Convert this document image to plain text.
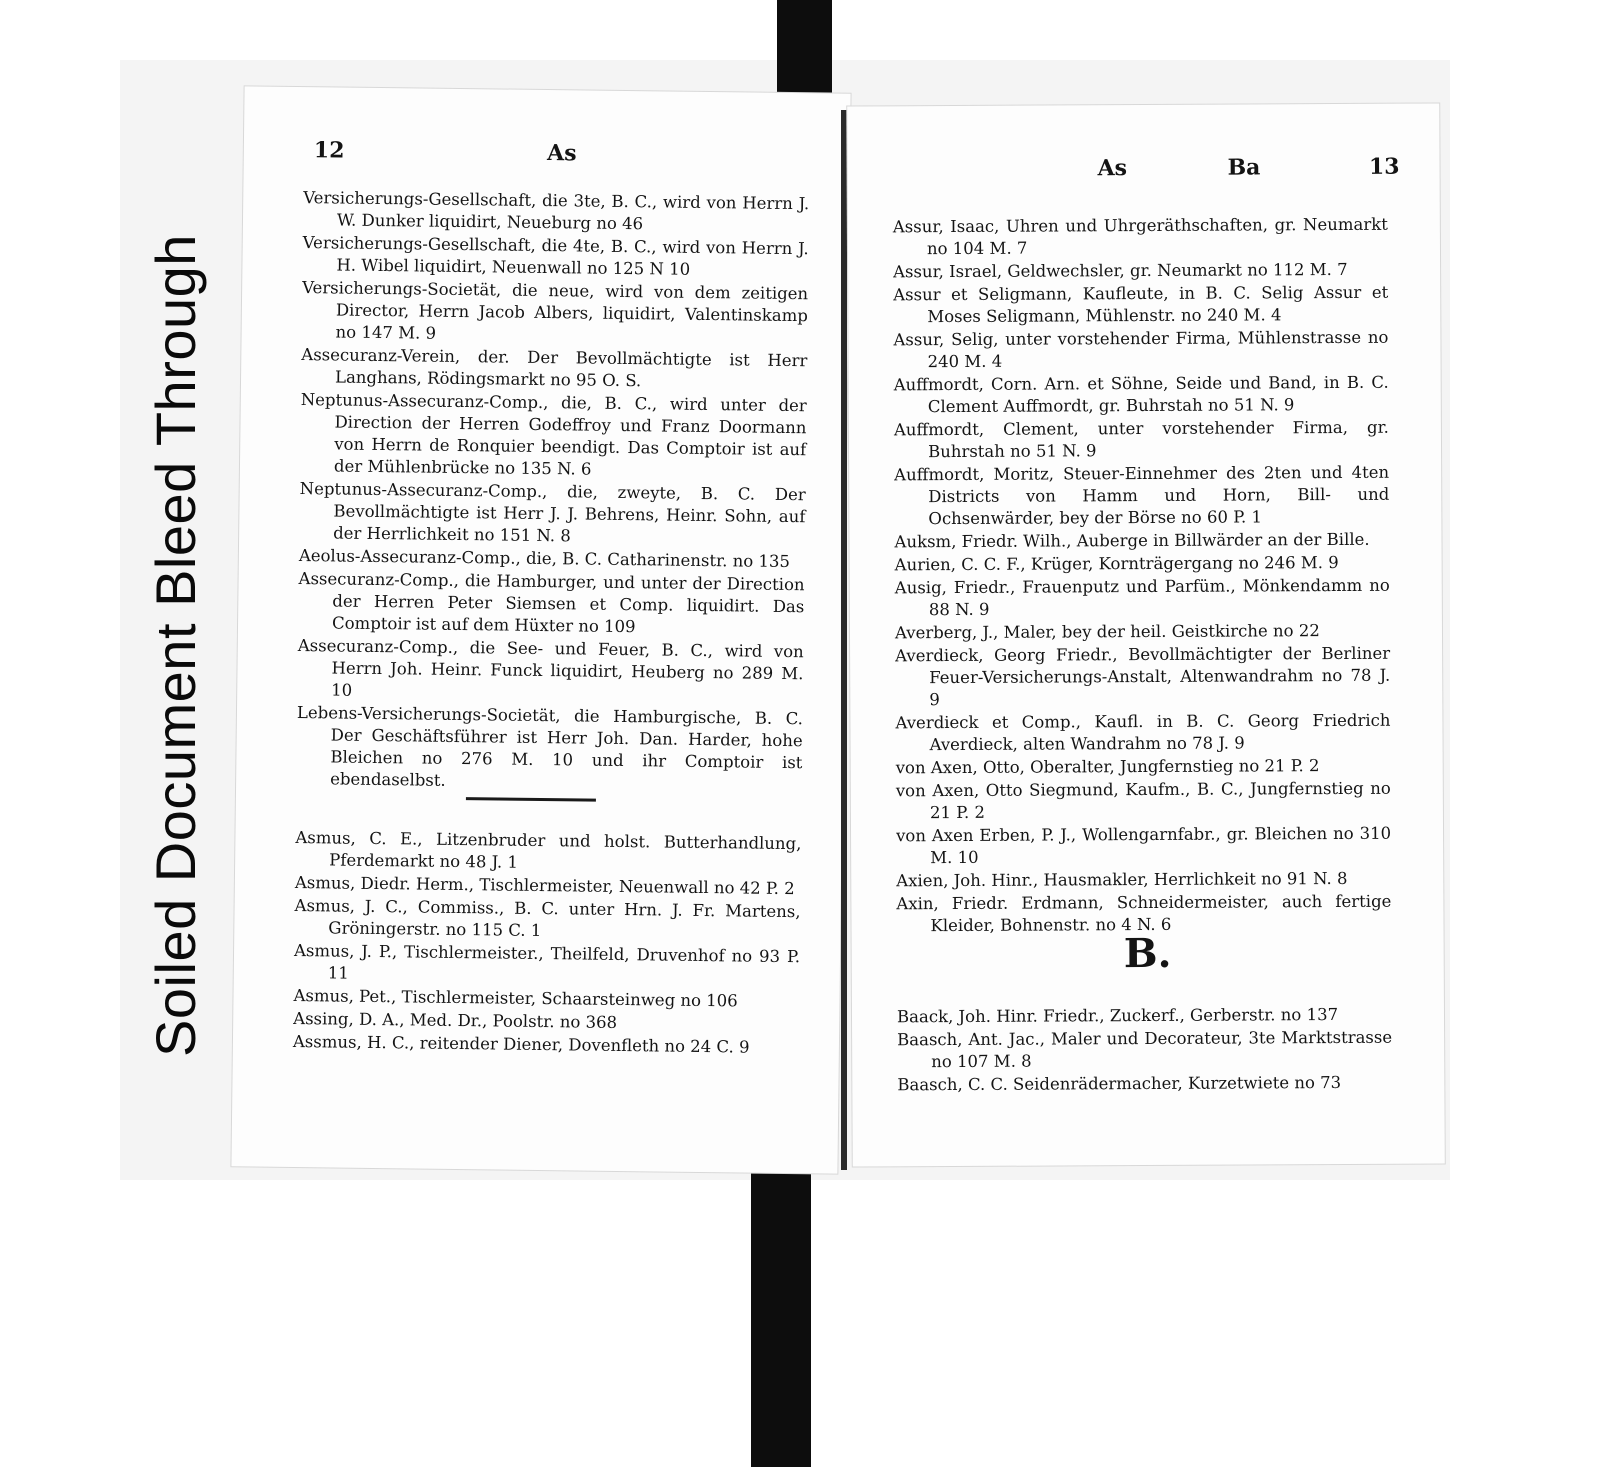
Soiled Document Bleed Through
12	As
Versicherungs-Gesellschaft, die 3te, B. C., wird von Herrn J. W. Dunker liquidirt, Neueburg no 46
Versicherungs-Gesellschaft, die 4te, B. C., wird von Herrn J. H. Wibel liquidirt, Neuenwall no 125 N 10
Versicherungs-Societät, die neue, wird von dem zeitigen Director, Herrn Jacob Albers, liquidirt, Valentinskamp no 147 M. 9
Assecuranz-Verein, der. Der Bevollmächtigte ist Herr Langhans, Rödingsmarkt no 95 O. S.
Neptunus-Assecuranz-Comp., die, B. C., wird unter der Direction der Herren Godeffroy und Franz Doormann von Herrn de Ronquier beendigt. Das Comptoir ist auf der Mühlenbrücke no 135 N. 6
Neptunus-Assecuranz-Comp., die, zweyte, B. C. Der Bevollmächtigte ist Herr J. J. Behrens, Heinr. Sohn, auf der Herrlichkeit no 151 N. 8
Aeolus-Assecuranz-Comp., die, B. C. Catharinenstr. no 135
Assecuranz-Comp., die Hamburger, und unter der Direction der Herren Peter Siemsen et Comp. liquidirt. Das Comptoir ist auf dem Hüxter no 109
Assecuranz-Comp., die See- und Feuer, B. C., wird von Herrn Joh. Heinr. Funck liquidirt, Heuberg no 289 M. 10
Lebens-Versicherungs-Societät, die Hamburgische, B. C. Der Geschäftsführer ist Herr Joh. Dan. Harder, hohe Bleichen no 276 M. 10 und ihr Comptoir ist ebendaselbst.
Asmus, C. E., Litzenbruder und holst. Butterhandlung, Pferdemarkt no 48 J. 1
Asmus, Diedr. Herm., Tischlermeister, Neuenwall no 42 P. 2
Asmus, J. C., Commiss., B. C. unter Hrn. J. Fr. Martens, Gröningerstr. no 115 C. 1
Asmus, J. P., Tischlermeister., Theilfeld, Druvenhof no 93 P. 11
Asmus, Pet., Tischlermeister, Schaarsteinweg no 106
Assing, D. A., Med. Dr., Poolstr. no 368
Assmus, H. C., reitender Diener, Dovenfleth no 24 C. 9
As	Ba	13
Assur, Isaac, Uhren und Uhrgeräthschaften, gr. Neumarkt no 104 M. 7
Assur, Israel, Geldwechsler, gr. Neumarkt no 112 M. 7
Assur et Seligmann, Kaufleute, in B. C. Selig Assur et Moses Seligmann, Mühlenstr. no 240 M. 4
Assur, Selig, unter vorstehender Firma, Mühlenstrasse no 240 M. 4
Auffmordt, Corn. Arn. et Söhne, Seide und Band, in B. C. Clement Auffmordt, gr. Buhrstah no 51 N. 9
Auffmordt, Clement, unter vorstehender Firma, gr. Buhrstah no 51 N. 9
Auffmordt, Moritz, Steuer-Einnehmer des 2ten und 4ten Districts von Hamm und Horn, Bill- und Ochsenwärder, bey der Börse no 60 P. 1
Auksm, Friedr. Wilh., Auberge in Billwärder an der Bille.
Aurien, C. C. F., Krüger, Kornträgergang no 246 M. 9
Ausig, Friedr., Frauenputz und Parfüm., Mönkendamm no 88 N. 9
Averberg, J., Maler, bey der heil. Geistkirche no 22
Averdieck, Georg Friedr., Bevollmächtigter der Berliner Feuer-Versicherungs-Anstalt, Altenwandrahm no 78 J. 9
Averdieck et Comp., Kaufl. in B. C. Georg Friedrich Averdieck, alten Wandrahm no 78 J. 9
von Axen, Otto, Oberalter, Jungfernstieg no 21 P. 2
von Axen, Otto Siegmund, Kaufm., B. C., Jungfernstieg no 21 P. 2
von Axen Erben, P. J., Wollengarnfabr., gr. Bleichen no 310 M. 10
Axien, Joh. Hinr., Hausmakler, Herrlichkeit no 91 N. 8
Axin, Friedr. Erdmann, Schneidermeister, auch fertige Kleider, Bohnenstr. no 4 N. 6
B.
Baack, Joh. Hinr. Friedr., Zuckerf., Gerberstr. no 137
Baasch, Ant. Jac., Maler und Decorateur, 3te Marktstrasse no 107 M. 8
Baasch, C. C. Seidenrädermacher, Kurzetwiete no 73
